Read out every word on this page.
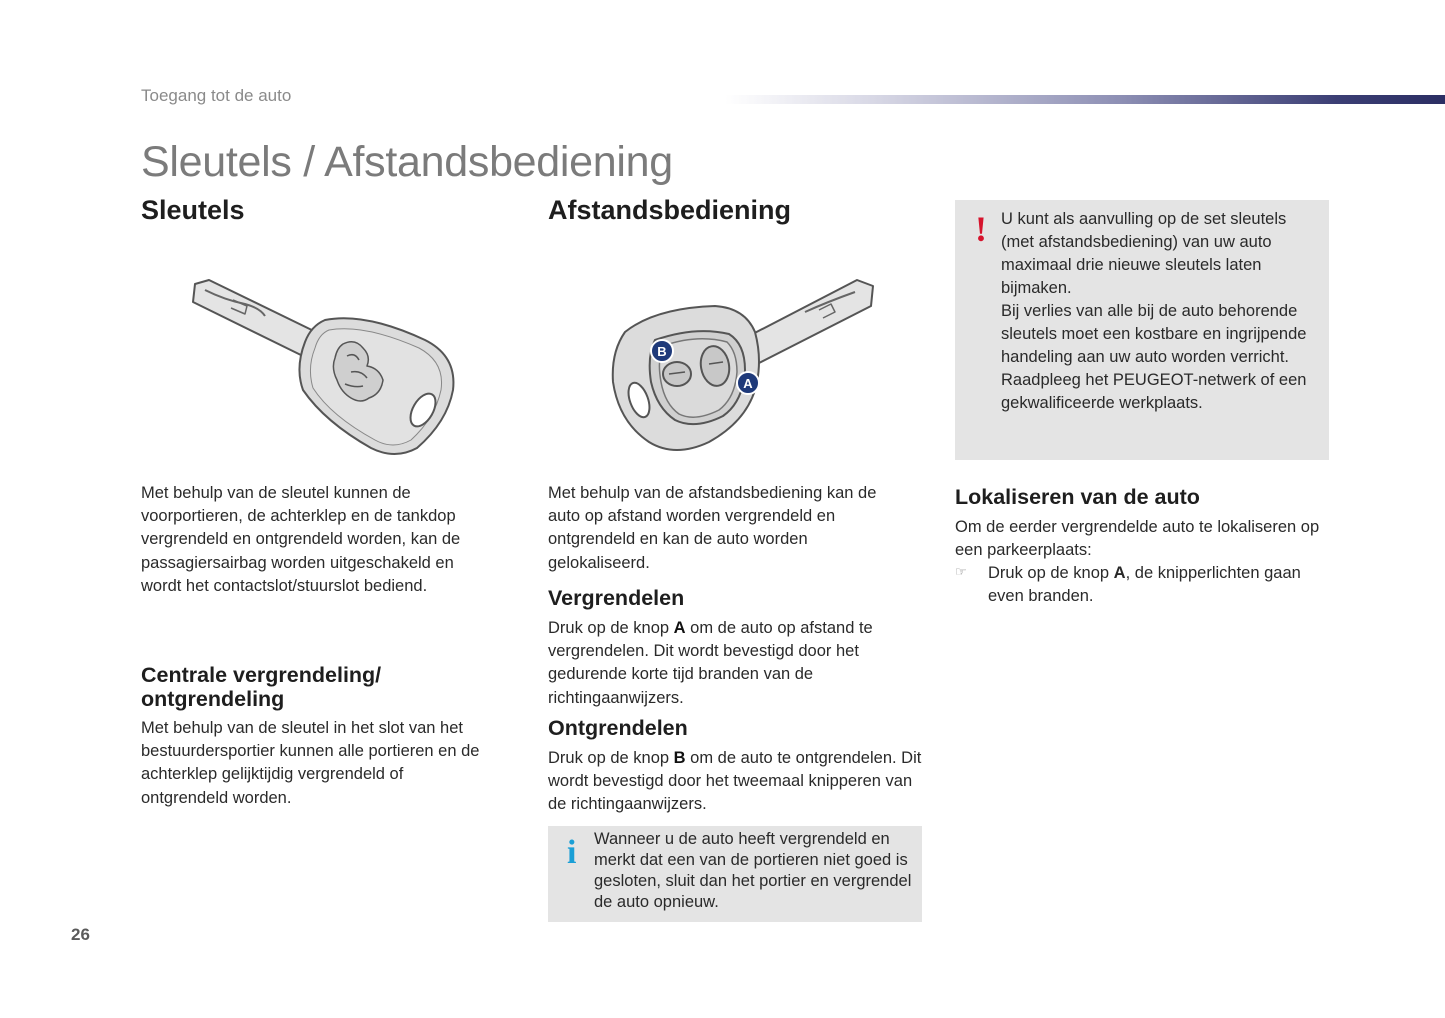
Toegang tot de auto
Sleutels / Afstandsbediening
Sleutels
Met behulp van de sleutel kunnen de voorportieren, de achterklep en de tankdop vergrendeld en ontgrendeld worden, kan de passagiersairbag worden uitgeschakeld en wordt het contactslot/stuurslot bediend.
Centrale vergrendeling/
ontgrendeling
Met behulp van de sleutel in het slot van het bestuurdersportier kunnen alle portieren en de achterklep gelijktijdig vergrendeld of ontgrendeld worden.
Afstandsbediening
B
A
Met behulp van de afstandsbediening kan de auto op afstand worden vergrendeld en ontgrendeld en kan de auto worden gelokaliseerd.
Vergrendelen
Druk op de knop A om de auto op afstand te vergrendelen. Dit wordt bevestigd door het gedurende korte tijd branden van de richtingaanwijzers.
Ontgrendelen
Druk op de knop B om de auto te ontgrendelen. Dit wordt bevestigd door het tweemaal knipperen van de richtingaanwijzers.
i Wanneer u de auto heeft vergrendeld en merkt dat een van de portieren niet goed is gesloten, sluit dan het portier en vergrendel de auto opnieuw.
! U kunt als aanvulling op de set sleutels (met afstandsbediening) van uw auto maximaal drie nieuwe sleutels laten bijmaken.
Bij verlies van alle bij de auto behorende sleutels moet een kostbare en ingrijpende handeling aan uw auto worden verricht.
Raadpleeg het PEUGEOT-netwerk of een gekwalificeerde werkplaats.
Lokaliseren van de auto
Om de eerder vergrendelde auto te lokaliseren op een parkeerplaats:
☞ Druk op de knop A, de knipperlichten gaan even branden.
26
